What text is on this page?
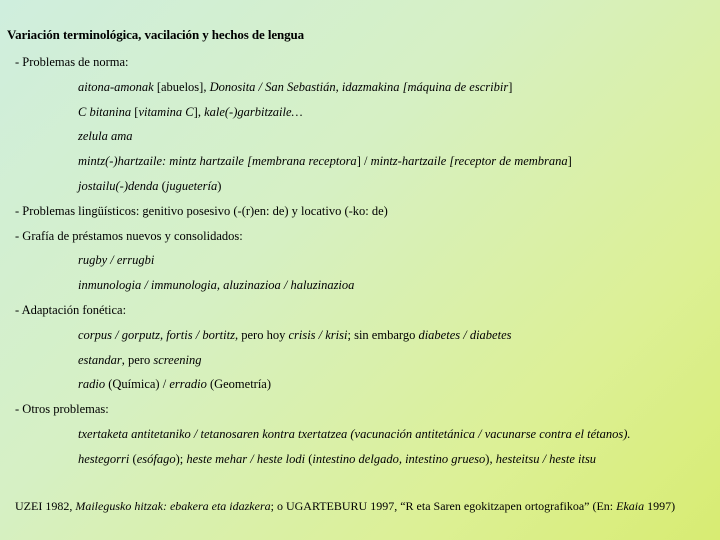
Variación terminológica, vacilación y hechos de lengua
- Problemas de norma:
aitona-amonak [abuelos], Donosita / San Sebastián, idazmakina [máquina de escribir]
C bitanina [vitamina C], kale(-)garbitzaile…
zelula ama
mintz(-)hartzaile: mintz hartzaile [membrana receptora] / mintz-hartzaile [receptor de membrana]
jostailu(-)denda (juguetería)
- Problemas lingüísticos: genitivo posesivo (-(r)en: de) y locativo (-ko: de)
- Grafía de préstamos nuevos y consolidados:
rugby / errugbi
inmunologia / immunologia, aluzinazioa / haluzinazioa
- Adaptación fonética:
corpus / gorputz, fortis / bortitz, pero hoy crisis / krisi; sin embargo diabetes / diabetes
estandar, pero screening
radio (Química) / erradio (Geometría)
- Otros problemas:
txertaketa antitetaniko / tetanosaren kontra txertatzea (vacunación antitetánica / vacunarse contra el tétanos).
hestegorri (esófago); heste mehar / heste lodi (intestino delgado, intestino grueso), hesteitsu / heste itsu
UZEI 1982, Mailegusko hitzak: ebakera eta idazkera; o UGARTEBURU 1997, “R eta Saren egokitzapen ortografikoa” (En: Ekaia 1997)
